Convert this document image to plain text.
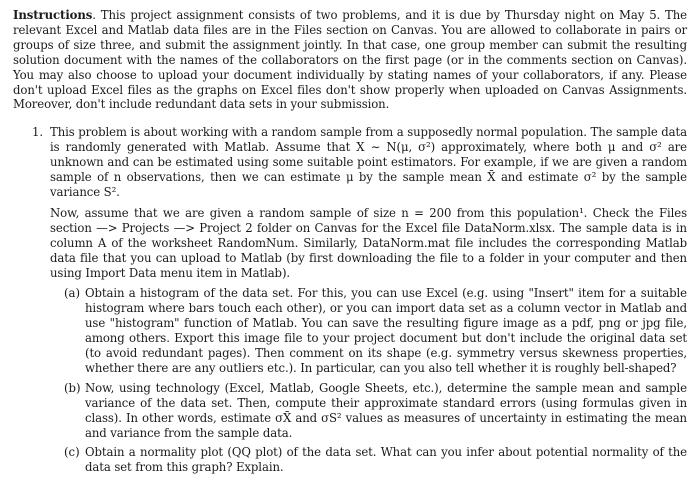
Instructions. This project assignment consists of two problems, and it is due by Thursday night on May 5. The relevant Excel and Matlab data files are in the Files section on Canvas. You are allowed to collaborate in pairs or groups of size three, and submit the assignment jointly. In that case, one group member can submit the resulting solution document with the names of the collaborators on the first page (or in the comments section on Canvas). You may also choose to upload your document individually by stating names of your collaborators, if any. Please don't upload Excel files as the graphs on Excel files don't show properly when uploaded on Canvas Assignments. Moreover, don't include redundant data sets in your submission.

1. This problem is about working with a random sample from a supposedly normal population. The sample data is randomly generated with Matlab. Assume that X ∼ N(μ, σ²) approximately, where both μ and σ² are unknown and can be estimated using some suitable point estimators. For example, if we are given a random sample of n observations, then we can estimate μ by the sample mean X̄ and estimate σ² by the sample variance S².

Now, assume that we are given a random sample of size n = 200 from this population¹. Check the Files section —> Projects —> Project 2 folder on Canvas for the Excel file DataNorm.xlsx. The sample data is in column A of the worksheet RandomNum. Similarly, DataNorm.mat file includes the corresponding Matlab data file that you can upload to Matlab (by first downloading the file to a folder in your computer and then using Import Data menu item in Matlab).

(a) Obtain a histogram of the data set. For this, you can use Excel (e.g. using "Insert" item for a suitable histogram where bars touch each other), or you can import data set as a column vector in Matlab and use "histogram" function of Matlab. You can save the resulting figure image as a pdf, png or jpg file, among others. Export this image file to your project document but don't include the original data set (to avoid redundant pages). Then comment on its shape (e.g. symmetry versus skewness properties, whether there are any outliers etc.). In particular, can you also tell whether it is roughly bell-shaped?

(b) Now, using technology (Excel, Matlab, Google Sheets, etc.), determine the sample mean and sample variance of the data set. Then, compute their approximate standard errors (using formulas given in class). In other words, estimate σX̄ and σS² values as measures of uncertainty in estimating the mean and variance from the sample data.

(c) Obtain a normality plot (QQ plot) of the data set. What can you infer about potential normality of the data set from this graph? Explain.
